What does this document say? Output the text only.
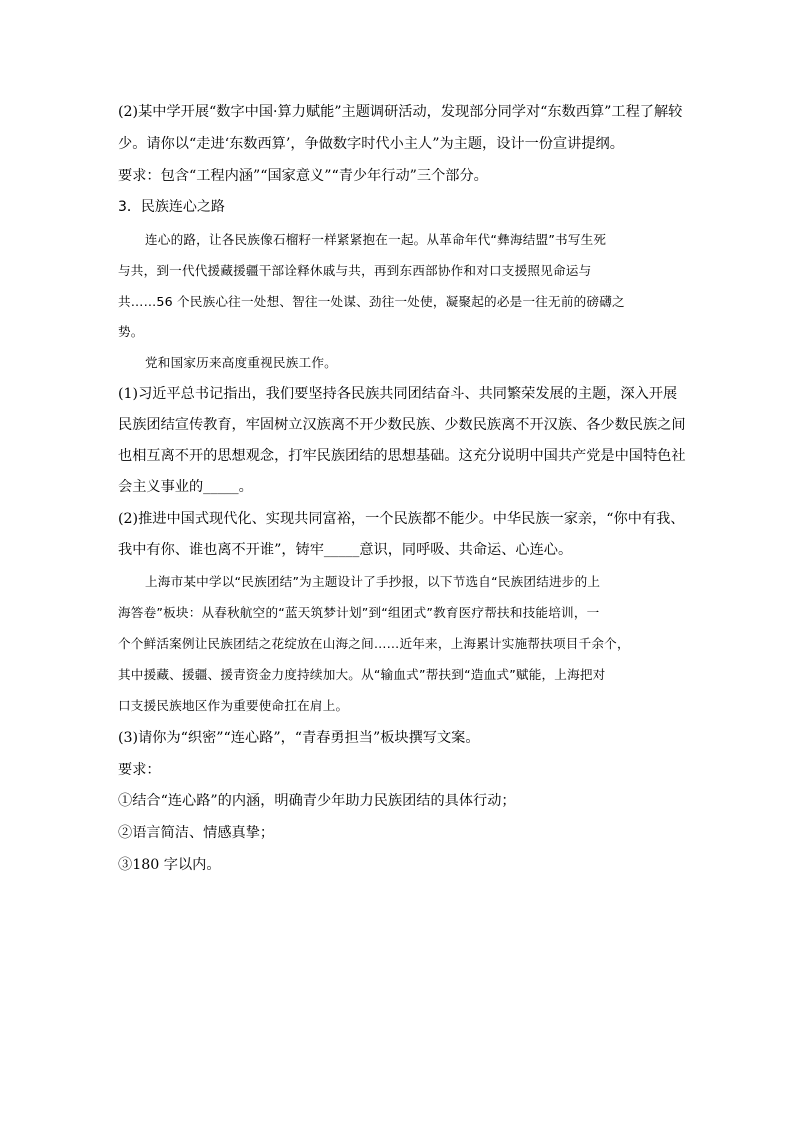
(2)某中学开展“数字中国·算力赋能”主题调研活动，发现部分同学对“东数西算”工程了解较
少。请你以“走进‘东数西算’，争做数字时代小主人”为主题，设计一份宣讲提纲。
要求：包含“工程内涵”“国家意义”“青少年行动”三个部分。
3．民族连心之路
连心的路，让各民族像石榴籽一样紧紧抱在一起。从革命年代“彝海结盟”书写生死
与共，到一代代援藏援疆干部诠释休戚与共，再到东西部协作和对口支援照见命运与
共……56 个民族心往一处想、智往一处谋、劲往一处使，凝聚起的必是一往无前的磅礴之
势。
党和国家历来高度重视民族工作。
(1)习近平总书记指出，我们要坚持各民族共同团结奋斗、共同繁荣发展的主题，深入开展
民族团结宣传教育，牢固树立汉族离不开少数民族、少数民族离不开汉族、各少数民族之间
也相互离不开的思想观念，打牢民族团结的思想基础。这充分说明中国共产党是中国特色社
会主义事业的_____。
(2)推进中国式现代化、实现共同富裕，一个民族都不能少。中华民族一家亲，“你中有我、
我中有你、谁也离不开谁”，铸牢_____意识，同呼吸、共命运、心连心。
上海市某中学以“民族团结”为主题设计了手抄报，以下节选自“民族团结进步的上
海答卷”板块：从春秋航空的“蓝天筑梦计划”到“组团式”教育医疗帮扶和技能培训，一
个个鲜活案例让民族团结之花绽放在山海之间……近年来，上海累计实施帮扶项目千余个，
其中援藏、援疆、援青资金力度持续加大。从“输血式”帮扶到“造血式”赋能，上海把对
口支援民族地区作为重要使命扛在肩上。
(3)请你为“织密”“连心路”，“青春勇担当”板块撰写文案。
要求：
①结合“连心路”的内涵，明确青少年助力民族团结的具体行动；
②语言简洁、情感真挚；
③180 字以内。
